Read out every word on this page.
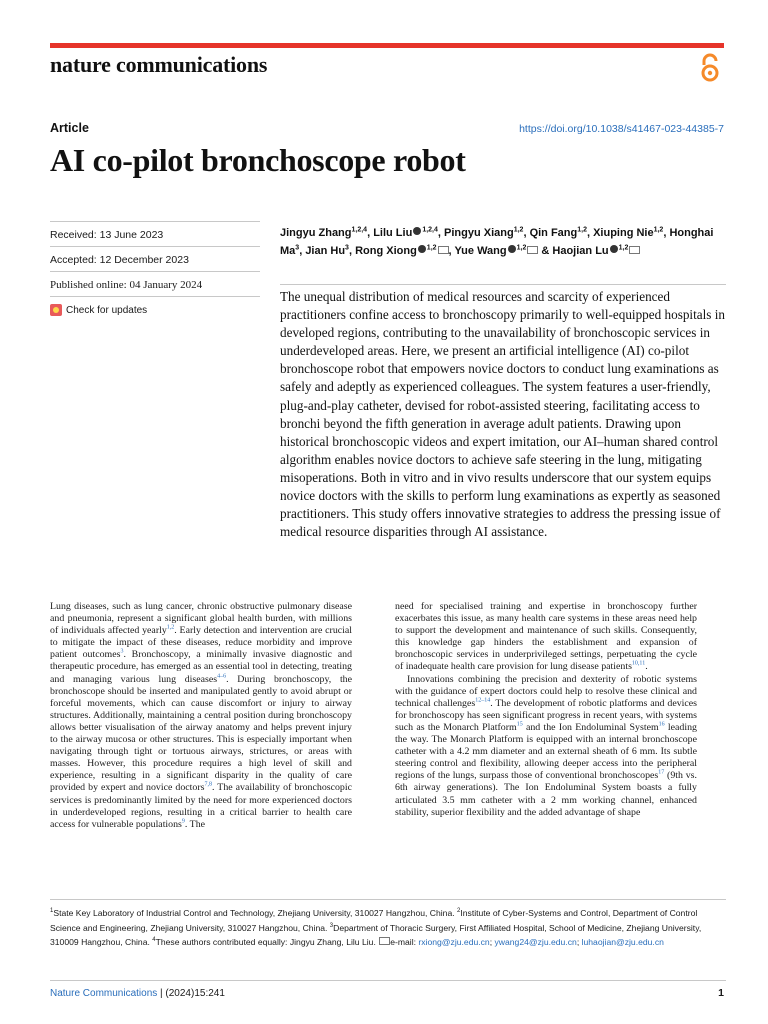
nature communications
Article	https://doi.org/10.1038/s41467-023-44385-7
AI co-pilot bronchoscope robot
Received: 13 June 2023
Accepted: 12 December 2023
Published online: 04 January 2024
Check for updates
Jingyu Zhang$^{1,2,4}$, Lilu Liu $^{1,2,4}$, Pingyu Xiang$^{1,2}$, Qin Fang$^{1,2}$, Xiuping Nie$^{1,2}$, Honghai Ma$^3$, Jian Hu$^3$, Rong Xiong $^{1,2}$ , Yue Wang $^{1,2}$ & Haojian Lu $^{1,2}$
The unequal distribution of medical resources and scarcity of experienced practitioners confine access to bronchoscopy primarily to well-equipped hospitals in developed regions, contributing to the unavailability of bronchoscopic services in underdeveloped areas. Here, we present an artificial intelligence (AI) co-pilot bronchoscope robot that empowers novice doctors to conduct lung examinations as safely and adeptly as experienced colleagues. The system features a user-friendly, plug-and-play catheter, devised for robot-assisted steering, facilitating access to bronchi beyond the fifth generation in average adult patients. Drawing upon historical bronchoscopic videos and expert imitation, our AI–human shared control algorithm enables novice doctors to achieve safe steering in the lung, mitigating misoperations. Both in vitro and in vivo results underscore that our system equips novice doctors with the skills to perform lung examinations as expertly as seasoned practitioners. This study offers innovative strategies to address the pressing issue of medical resource disparities through AI assistance.

Lung diseases, such as lung cancer, chronic obstructive pulmonary disease and pneumonia, represent a significant global health burden, with millions of individuals affected yearly$^{1,2}$. Early detection and intervention are crucial to mitigate the impact of these diseases, reduce morbidity and improve patient outcomes$^3$. Bronchoscopy, a minimally invasive diagnostic and therapeutic procedure, has emerged as an essential tool in detecting, treating and managing various lung diseases$^{4-6}$. During bronchoscopy, the bronchoscope should be inserted and manipulated gently to avoid abrupt or forceful movements, which can cause discomfort or injury to airway structures. Additionally, maintaining a central position during bronchoscopy allows better visualisation of the airway anatomy and helps prevent injury to the airway mucosa or other structures. This is especially important when navigating through tight or tortuous airways, strictures, or areas with masses. However, this procedure requires a high level of skill and experience, resulting in a significant disparity in the quality of care provided by expert and novice doctors$^{7,8}$. The availability of bronchoscopic services is predominantly limited by the need for more experienced doctors in underdeveloped regions, resulting in a critical barrier to health care access for vulnerable populations$^9$. The

need for specialised training and expertise in bronchoscopy further exacerbates this issue, as many health care systems in these areas need help to support the development and maintenance of such skills. Consequently, this knowledge gap hinders the establishment and expansion of bronchoscopic services in underprivileged settings, perpetuating the cycle of inadequate health care provision for lung disease patients$^{10,11}$.

Innovations combining the precision and dexterity of robotic systems with the guidance of expert doctors could help to resolve these clinical and technical challenges$^{12-14}$. The development of robotic platforms and devices for bronchoscopy has seen significant progress in recent years, with systems such as the Monarch Platform$^{15}$ and the Ion Endoluminal System$^{16}$ leading the way. The Monarch Platform is equipped with an internal bronchoscope catheter with a 4.2 mm diameter and an external sheath of 6 mm. Its subtle steering control and flexibility, allowing deeper access into the peripheral regions of the lungs, surpass those of conventional bronchoscopes$^{17}$ (9th vs. 6th airway generations). The Ion Endoluminal System boasts a fully articulated 3.5 mm catheter with a 2 mm working channel, enhanced stability, superior flexibility and the added advantage of shape

$^1$State Key Laboratory of Industrial Control and Technology, Zhejiang University, 310027 Hangzhou, China. $^2$Institute of Cyber-Systems and Control, Department of Control Science and Engineering, Zhejiang University, 310027 Hangzhou, China. $^3$Department of Thoracic Surgery, First Affiliated Hospital, School of Medicine, Zhejiang University, 310009 Hangzhou, China. $^4$These authors contributed equally: Jingyu Zhang, Lilu Liu. e-mail: rxiong@zju.edu.cn; ywang24@zju.edu.cn; luhaojian@zju.edu.cn
Nature Communications | (2024)15:241	1
